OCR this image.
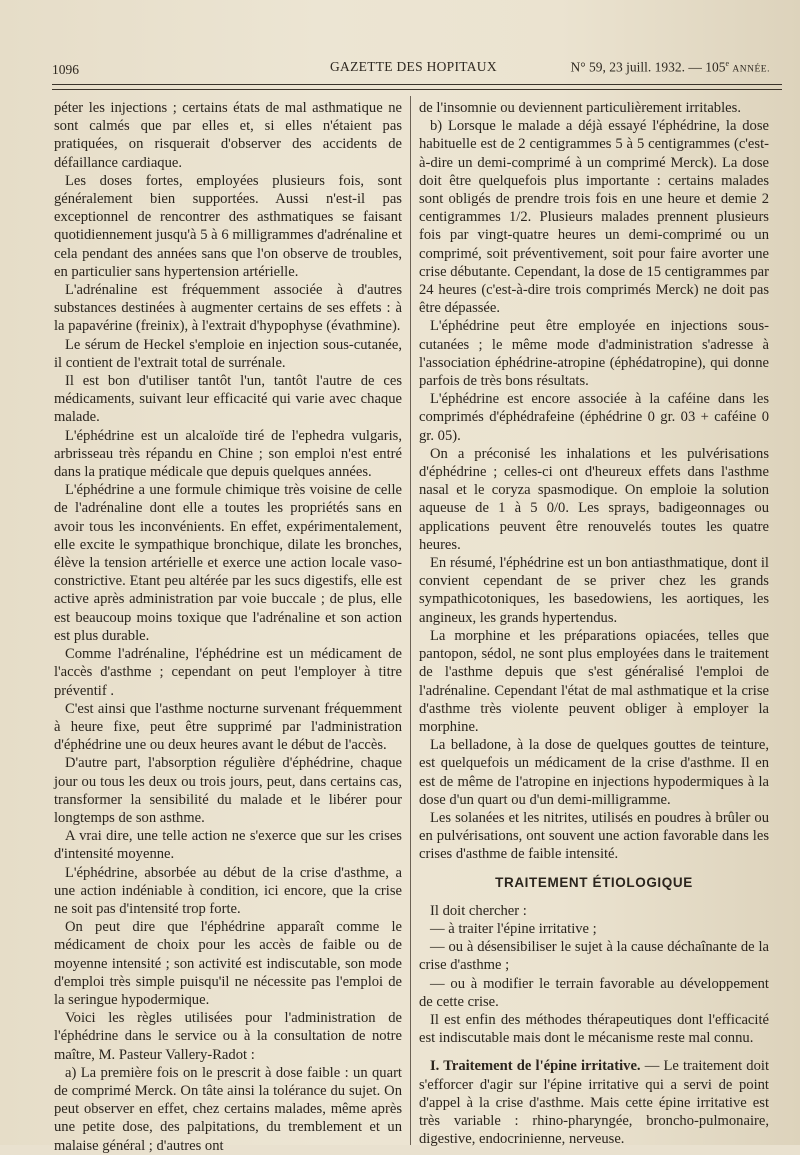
1096	GAZETTE DES HOPITAUX	N° 59, 23 juill. 1932. — 105e ANNÉE.

péter les injections ; certains états de mal asthmatique ne sont calmés que par elles et, si elles n'étaient pas pratiquées, on risquerait d'observer des accidents de défaillance cardiaque.

Les doses fortes, employées plusieurs fois, sont généralement bien supportées. Aussi n'est-il pas exceptionnel de rencontrer des asthmatiques se faisant quotidiennement jusqu'à 5 à 6 milligrammes d'adrénaline et cela pendant des années sans que l'on observe de troubles, en particulier sans hypertension artérielle.

L'adrénaline est fréquemment associée à d'autres substances destinées à augmenter certains de ses effets : à la papavérine (freinix), à l'extrait d'hypophyse (évathmine).

Le sérum de Heckel s'emploie en injection sous-cutanée, il contient de l'extrait total de surrénale.

Il est bon d'utiliser tantôt l'un, tantôt l'autre de ces médicaments, suivant leur efficacité qui varie avec chaque malade.

L'éphédrine est un alcaloïde tiré de l'ephedra vulgaris, arbrisseau très répandu en Chine ; son emploi n'est entré dans la pratique médicale que depuis quelques années.

L'éphédrine a une formule chimique très voisine de celle de l'adrénaline dont elle a toutes les propriétés sans en avoir tous les inconvénients. En effet, expérimentalement, elle excite le sympathique bronchique, dilate les bronches, élève la tension artérielle et exerce une action locale vaso-constrictive. Etant peu altérée par les sucs digestifs, elle est active après administration par voie buccale ; de plus, elle est beaucoup moins toxique que l'adrénaline et son action est plus durable.

Comme l'adrénaline, l'éphédrine est un médicament de l'accès d'asthme ; cependant on peut l'employer à titre préventif .

C'est ainsi que l'asthme nocturne survenant fréquemment à heure fixe, peut être supprimé par l'administration d'éphédrine une ou deux heures avant le début de l'accès.

D'autre part, l'absorption régulière d'éphédrine, chaque jour ou tous les deux ou trois jours, peut, dans certains cas, transformer la sensibilité du malade et le libérer pour longtemps de son asthme.

A vrai dire, une telle action ne s'exerce que sur les crises d'intensité moyenne.

L'éphédrine, absorbée au début de la crise d'asthme, a une action indéniable à condition, ici encore, que la crise ne soit pas d'intensité trop forte.

On peut dire que l'éphédrine apparaît comme le médicament de choix pour les accès de faible ou de moyenne intensité ; son activité est indiscutable, son mode d'emploi très simple puisqu'il ne nécessite pas l'emploi de la seringue hypodermique.

Voici les règles utilisées pour l'administration de l'éphédrine dans le service ou à la consultation de notre maître, M. Pasteur Vallery-Radot :

a) La première fois on le prescrit à dose faible : un quart de comprimé Merck. On tâte ainsi la tolérance du sujet. On peut observer en effet, chez certains malades, même après une petite dose, des palpitations, du tremblement et un malaise général ; d'autres ont

de l'insomnie ou deviennent particulièrement irritables.

b) Lorsque le malade a déjà essayé l'éphédrine, la dose habituelle est de 2 centigrammes 5 à 5 centigrammes (c'est-à-dire un demi-comprimé à un comprimé Merck). La dose doit être quelquefois plus importante : certains malades sont obligés de prendre trois fois en une heure et demie 2 centigrammes 1/2. Plusieurs malades prennent plusieurs fois par vingt-quatre heures un demi-comprimé ou un comprimé, soit préventivement, soit pour faire avorter une crise débutante. Cependant, la dose de 15 centigrammes par 24 heures (c'est-à-dire trois comprimés Merck) ne doit pas être dépassée.

L'éphédrine peut être employée en injections sous-cutanées ; le même mode d'administration s'adresse à l'association éphédrine-atropine (éphédatropine), qui donne parfois de très bons résultats.

L'éphédrine est encore associée à la caféine dans les comprimés d'éphédrafeine (éphédrine 0 gr. 03 + caféine 0 gr. 05).

On a préconisé les inhalations et les pulvérisations d'éphédrine ; celles-ci ont d'heureux effets dans l'asthme nasal et le coryza spasmodique. On emploie la solution aqueuse de 1 à 5 0/0. Les sprays, badigeonnages ou applications peuvent être renouvelés toutes les quatre heures.

En résumé, l'éphédrine est un bon antiasthmatique, dont il convient cependant de se priver chez les grands sympathicotoniques, les basedowiens, les aortiques, les angineux, les grands hypertendus.

La morphine et les préparations opiacées, telles que pantopon, sédol, ne sont plus employées dans le traitement de l'asthme depuis que s'est généralisé l'emploi de l'adrénaline. Cependant l'état de mal asthmatique et la crise d'asthme très violente peuvent obliger à employer la morphine.

La belladone, à la dose de quelques gouttes de teinture, est quelquefois un médicament de la crise d'asthme. Il en est de même de l'atropine en injections hypodermiques à la dose d'un quart ou d'un demi-milligramme.

Les solanées et les nitrites, utilisés en poudres à brûler ou en pulvérisations, ont souvent une action favorable dans les crises d'asthme de faible intensité.

TRAITEMENT ÉTIOLOGIQUE

Il doit chercher :

— à traiter l'épine irritative ;

— ou à désensibiliser le sujet à la cause déchaînante de la crise d'asthme ;

— ou à modifier le terrain favorable au développement de cette crise.

Il est enfin des méthodes thérapeutiques dont l'efficacité est indiscutable mais dont le mécanisme reste mal connu.

I. Traitement de l'épine irritative. — Le traitement doit s'efforcer d'agir sur l'épine irritative qui a servi de point d'appel à la crise d'asthme. Mais cette épine irritative est très variable : rhino-pharyngée, broncho-pulmonaire, digestive, endocrinienne, nerveuse.
